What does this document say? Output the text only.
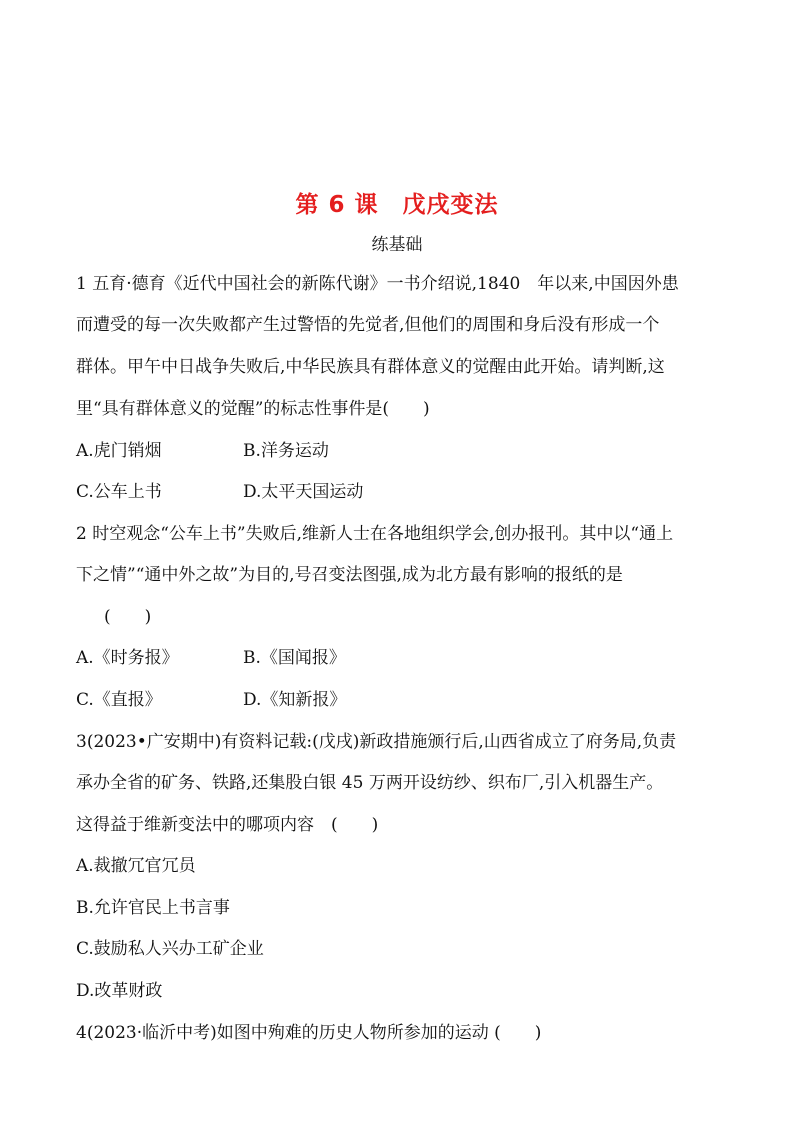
第 6 课　戊戌变法
练基础
1 五育·德育《近代中国社会的新陈代谢》一书介绍说,1840　年以来,中国因外患
而遭受的每一次失败都产生过警悟的先觉者,但他们的周围和身后没有形成一个
群体。甲午中日战争失败后,中华民族具有群体意义的觉醒由此开始。请判断,这
里“具有群体意义的觉醒”的标志性事件是(　　)
A.虎门销烟	B.洋务运动
C.公车上书	D.太平天国运动
2 时空观念“公车上书”失败后,维新人士在各地组织学会,创办报刊。其中以“通上
下之情”“通中外之故”为目的,号召变法图强,成为北方最有影响的报纸的是
(　　)
A.《时务报》	B.《国闻报》
C.《直报》	D.《知新报》
3(2023•广安期中)有资料记载:(戊戌)新政措施颁行后,山西省成立了府务局,负责
承办全省的矿务、铁路,还集股白银 45 万两开设纺纱、织布厂,引入机器生产。
这得益于维新变法中的哪项内容　(　　)
A.裁撤冗官冗员
B.允许官民上书言事
C.鼓励私人兴办工矿企业
D.改革财政
4(2023·临沂中考)如图中殉难的历史人物所参加的运动 (　　)
